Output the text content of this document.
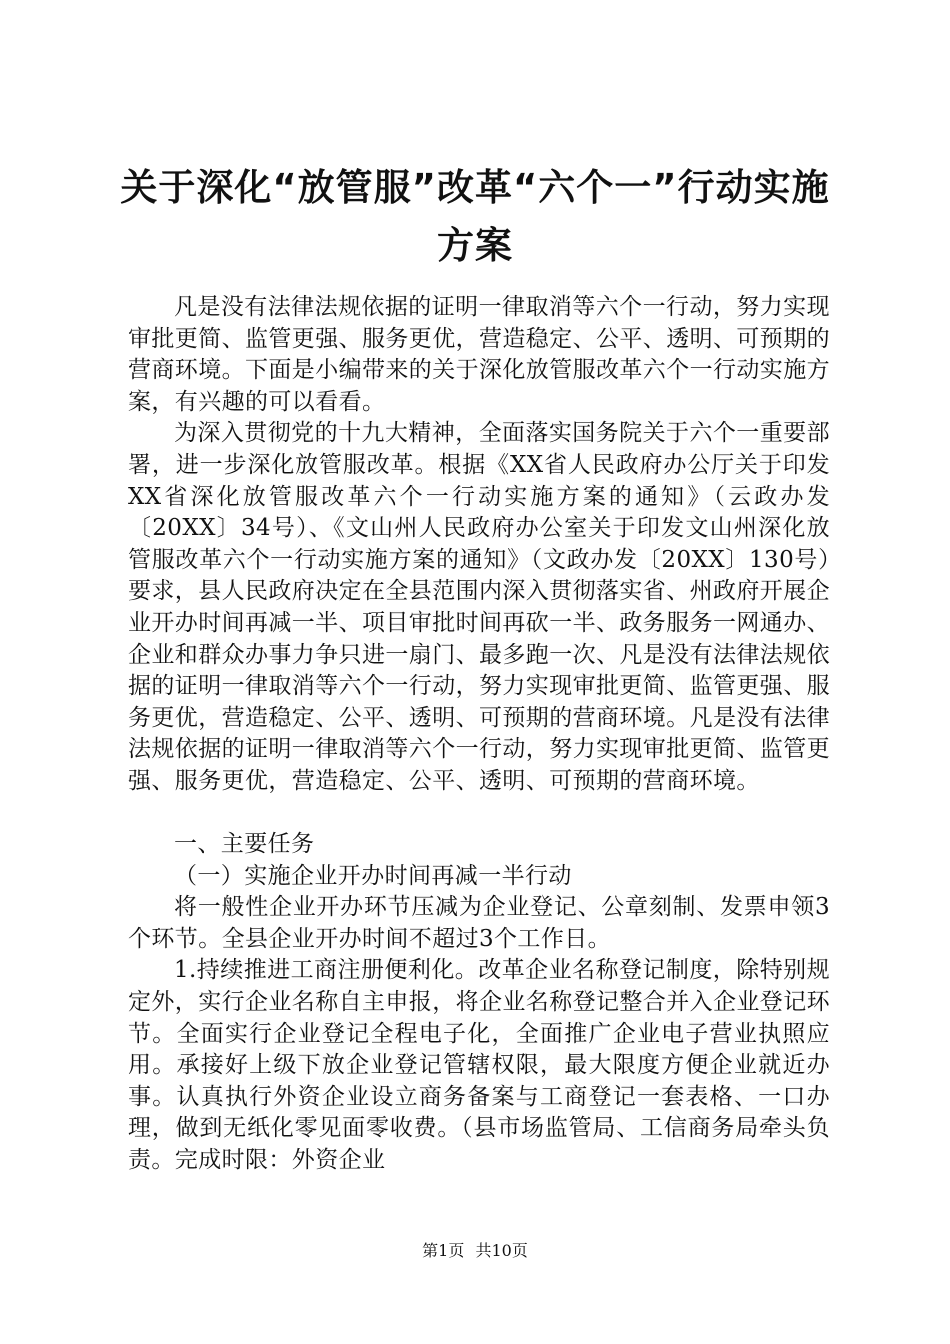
关于深化“放管服”改革“六个一”行动实施
方案

凡是没有法律法规依据的证明一律取消等六个一行动，努力实现审批更简、监管更强、服务更优，营造稳定、公平、透明、可预期的营商环境。下面是小编带来的关于深化放管服改革六个一行动实施方案，有兴趣的可以看看。

为深入贯彻党的十九大精神，全面落实国务院关于六个一重要部署，进一步深化放管服改革。根据《XX省人民政府办公厅关于印发XX省深化放管服改革六个一行动实施方案的通知》（云政办发〔20XX〕34号）、《文山州人民政府办公室关于印发文山州深化放管服改革六个一行动实施方案的通知》（文政办发〔20XX〕130号）要求，县人民政府决定在全县范围内深入贯彻落实省、州政府开展企业开办时间再减一半、项目审批时间再砍一半、政务服务一网通办、企业和群众办事力争只进一扇门、最多跑一次、凡是没有法律法规依据的证明一律取消等六个一行动，努力实现审批更简、监管更强、服务更优，营造稳定、公平、透明、可预期的营商环境。凡是没有法律法规依据的证明一律取消等六个一行动，努力实现审批更简、监管更强、服务更优，营造稳定、公平、透明、可预期的营商环境。

一、主要任务

（一）实施企业开办时间再减一半行动

将一般性企业开办环节压减为企业登记、公章刻制、发票申领3个环节。全县企业开办时间不超过3个工作日。

1.持续推进工商注册便利化。改革企业名称登记制度，除特别规定外，实行企业名称自主申报，将企业名称登记整合并入企业登记环节。全面实行企业登记全程电子化，全面推广企业电子营业执照应用。承接好上级下放企业登记管辖权限，最大限度方便企业就近办事。认真执行外资企业设立商务备案与工商登记一套表格、一口办理，做到无纸化零见面零收费。（县市场监管局、工信商务局牵头负责。完成时限：外资企业

第1页 共10页
